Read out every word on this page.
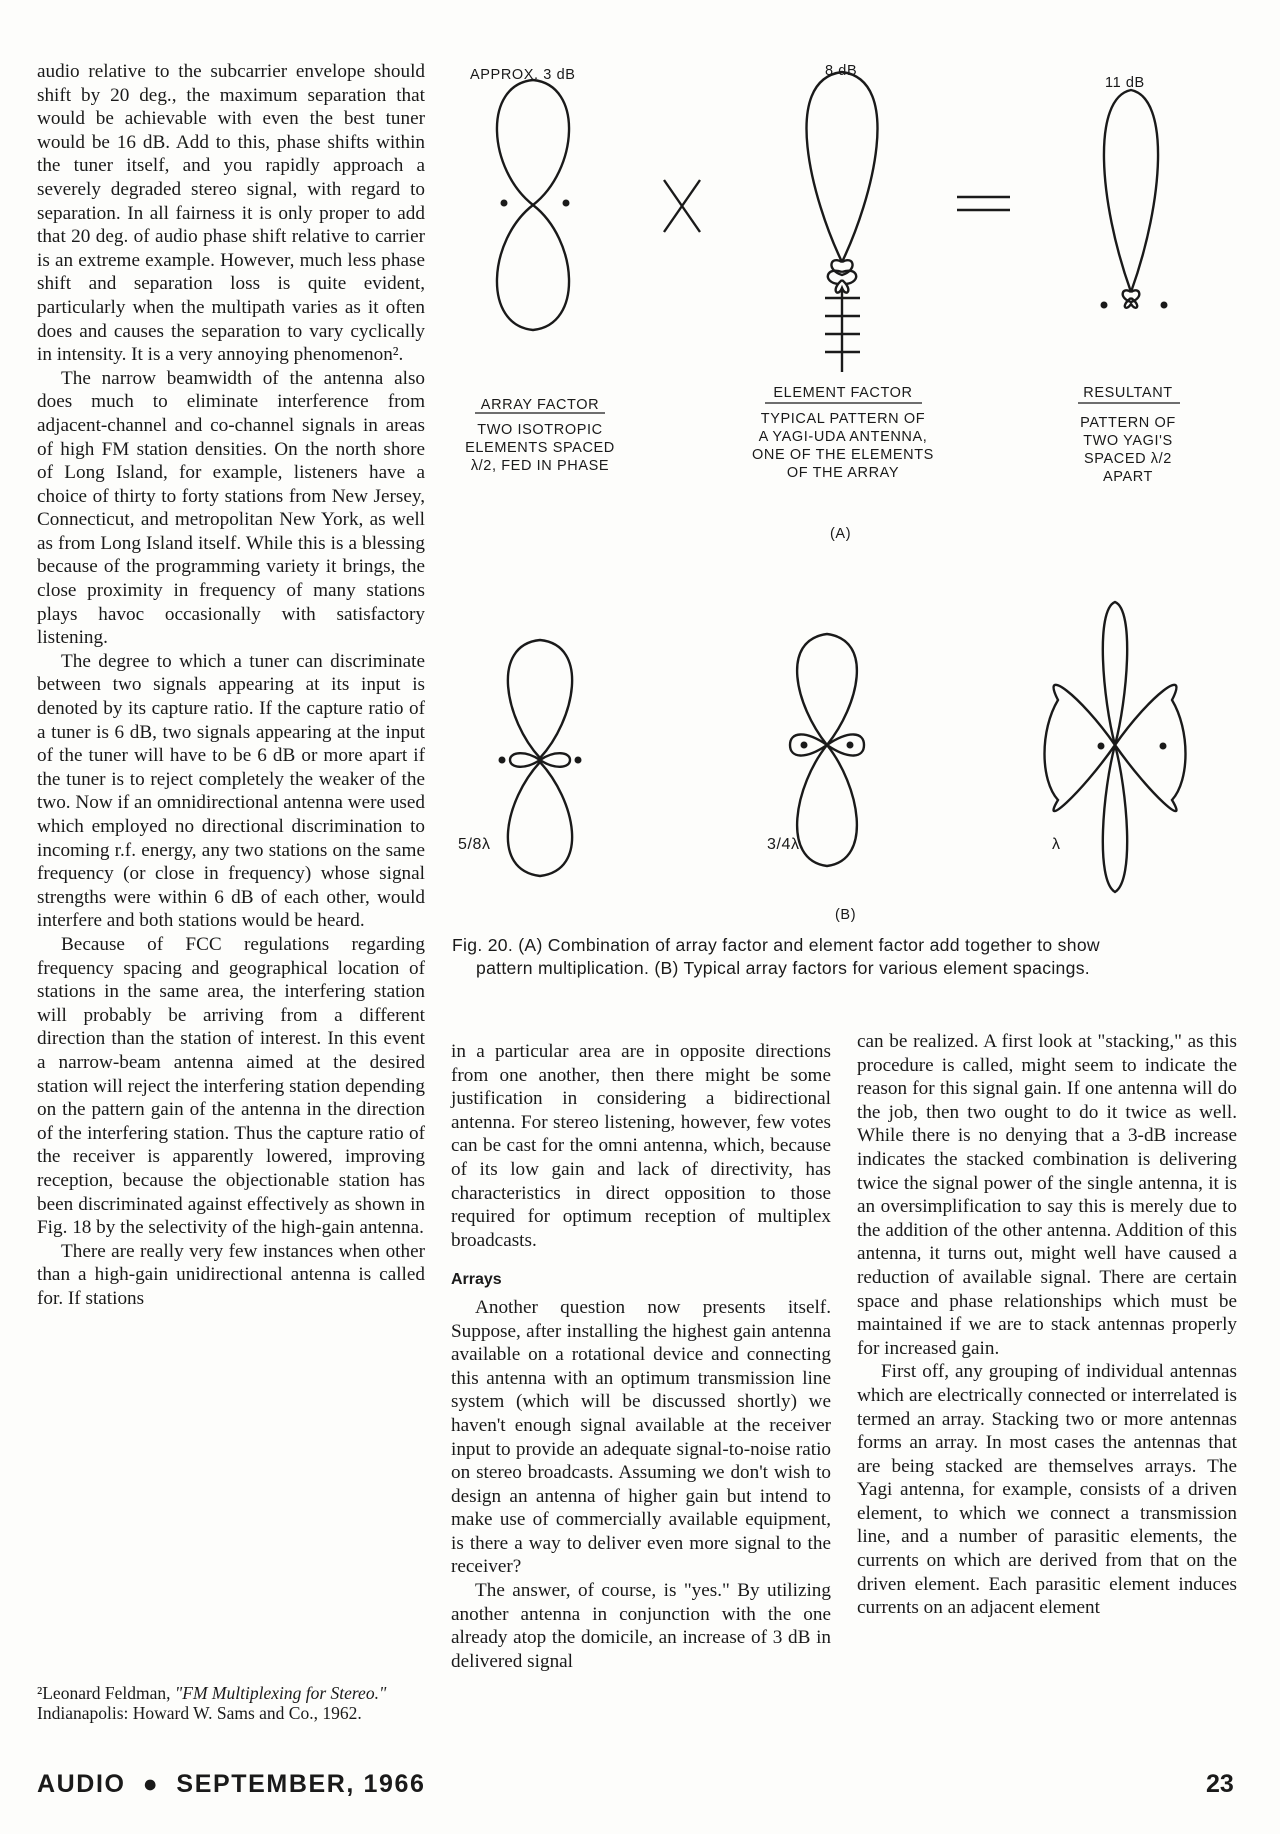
audio relative to the subcarrier envelope should shift by 20 deg., the maximum separation that would be achievable with even the best tuner would be 16 dB. Add to this, phase shifts within the tuner itself, and you rapidly approach a severely degraded stereo signal, with regard to separation. In all fairness it is only proper to add that 20 deg. of audio phase shift relative to carrier is an extreme example. However, much less phase shift and separation loss is quite evident, particularly when the multipath varies as it often does and causes the separation to vary cyclically in intensity. It is a very annoying phenomenon².

The narrow beamwidth of the antenna also does much to eliminate interference from adjacent-channel and co-channel signals in areas of high FM station densities. On the north shore of Long Island, for example, listeners have a choice of thirty to forty stations from New Jersey, Connecticut, and metropolitan New York, as well as from Long Island itself. While this is a blessing because of the programming variety it brings, the close proximity in frequency of many stations plays havoc occasionally with satisfactory listening.

The degree to which a tuner can discriminate between two signals appearing at its input is denoted by its capture ratio. If the capture ratio of a tuner is 6 dB, two signals appearing at the input of the tuner will have to be 6 dB or more apart if the tuner is to reject completely the weaker of the two. Now if an omnidirectional antenna were used which employed no directional discrimination to incoming r.f. energy, any two stations on the same frequency (or close in frequency) whose signal strengths were within 6 dB of each other, would interfere and both stations would be heard.

Because of FCC regulations regarding frequency spacing and geographical location of stations in the same area, the interfering station will probably be arriving from a different direction than the station of interest. In this event a narrow-beam antenna aimed at the desired station will reject the interfering station depending on the pattern gain of the antenna in the direction of the interfering station. Thus the capture ratio of the receiver is apparently lowered, improving reception, because the objectionable station has been discriminated against effectively as shown in Fig. 18 by the selectivity of the high-gain antenna.

There are really very few instances when other than a high-gain unidirectional antenna is called for. If stations

²Leonard Feldman, "FM Multiplexing for Stereo." Indianapolis: Howard W. Sams and Co., 1962.

in a particular area are in opposite directions from one another, then there might be some justification in considering a bidirectional antenna. For stereo listening, however, few votes can be cast for the omni antenna, which, because of its low gain and lack of directivity, has characteristics in direct opposition to those required for optimum reception of multiplex broadcasts.

Arrays

Another question now presents itself. Suppose, after installing the highest gain antenna available on a rotational device and connecting this antenna with an optimum transmission line system (which will be discussed shortly) we haven't enough signal available at the receiver input to provide an adequate signal-to-noise ratio on stereo broadcasts. Assuming we don't wish to design an antenna of higher gain but intend to make use of commercially available equipment, is there a way to deliver even more signal to the receiver?

The answer, of course, is "yes." By utilizing another antenna in conjunction with the one already atop the domicile, an increase of 3 dB in delivered signal

can be realized. A first look at "stacking," as this procedure is called, might seem to indicate the reason for this signal gain. If one antenna will do the job, then two ought to do it twice as well. While there is no denying that a 3-dB increase indicates the stacked combination is delivering twice the signal power of the single antenna, it is an oversimplification to say this is merely due to the addition of the other antenna. Addition of this antenna, it turns out, might well have caused a reduction of available signal. There are certain space and phase relationships which must be maintained if we are to stack antennas properly for increased gain.

First off, any grouping of individual antennas which are electrically connected or interrelated is termed an array. Stacking two or more antennas forms an array. In most cases the antennas that are being stacked are themselves arrays. The Yagi antenna, for example, consists of a driven element, to which we connect a transmission line, and a number of parasitic elements, the currents on which are derived from that on the driven element. Each parasitic element induces currents on an adjacent element

APPROX. 3 dB	8 dB
11 dB
ARRAY FACTOR
TWO ISOTROPIC
ELEMENTS SPACED
λ/2, FED IN PHASE
ELEMENT FACTOR
TYPICAL PATTERN OF
A YAGI-UDA ANTENNA,
ONE OF THE ELEMENTS
OF THE ARRAY
RESULTANT
PATTERN OF
TWO YAGI'S
SPACED λ/2
APART
(A)
5/8λ	3/4λ	λ
(B)
Fig. 20. (A) Combination of array factor and element factor add together to show
pattern multiplication. (B) Typical array factors for various element spacings.
AUDIO  ●  SEPTEMBER, 1966	23
